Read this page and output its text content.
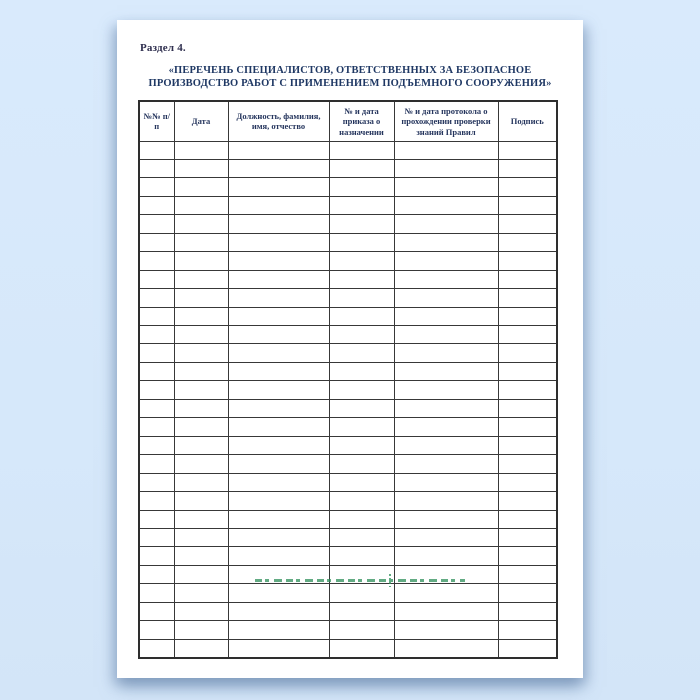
Раздел 4.
«ПЕРЕЧЕНЬ СПЕЦИАЛИСТОВ, ОТВЕТСТВЕННЫХ ЗА БЕЗОПАСНОЕ
ПРОИЗВОДСТВО РАБОТ С ПРИМЕНЕНИЕМ ПОДЪЕМНОГО СООРУЖЕНИЯ»
№№ п/п	Дата	Должность, фамилия, имя, отчество	№ и дата приказа о назначении	№ и дата протокола о прохождении проверки знаний Правил	Подпись
